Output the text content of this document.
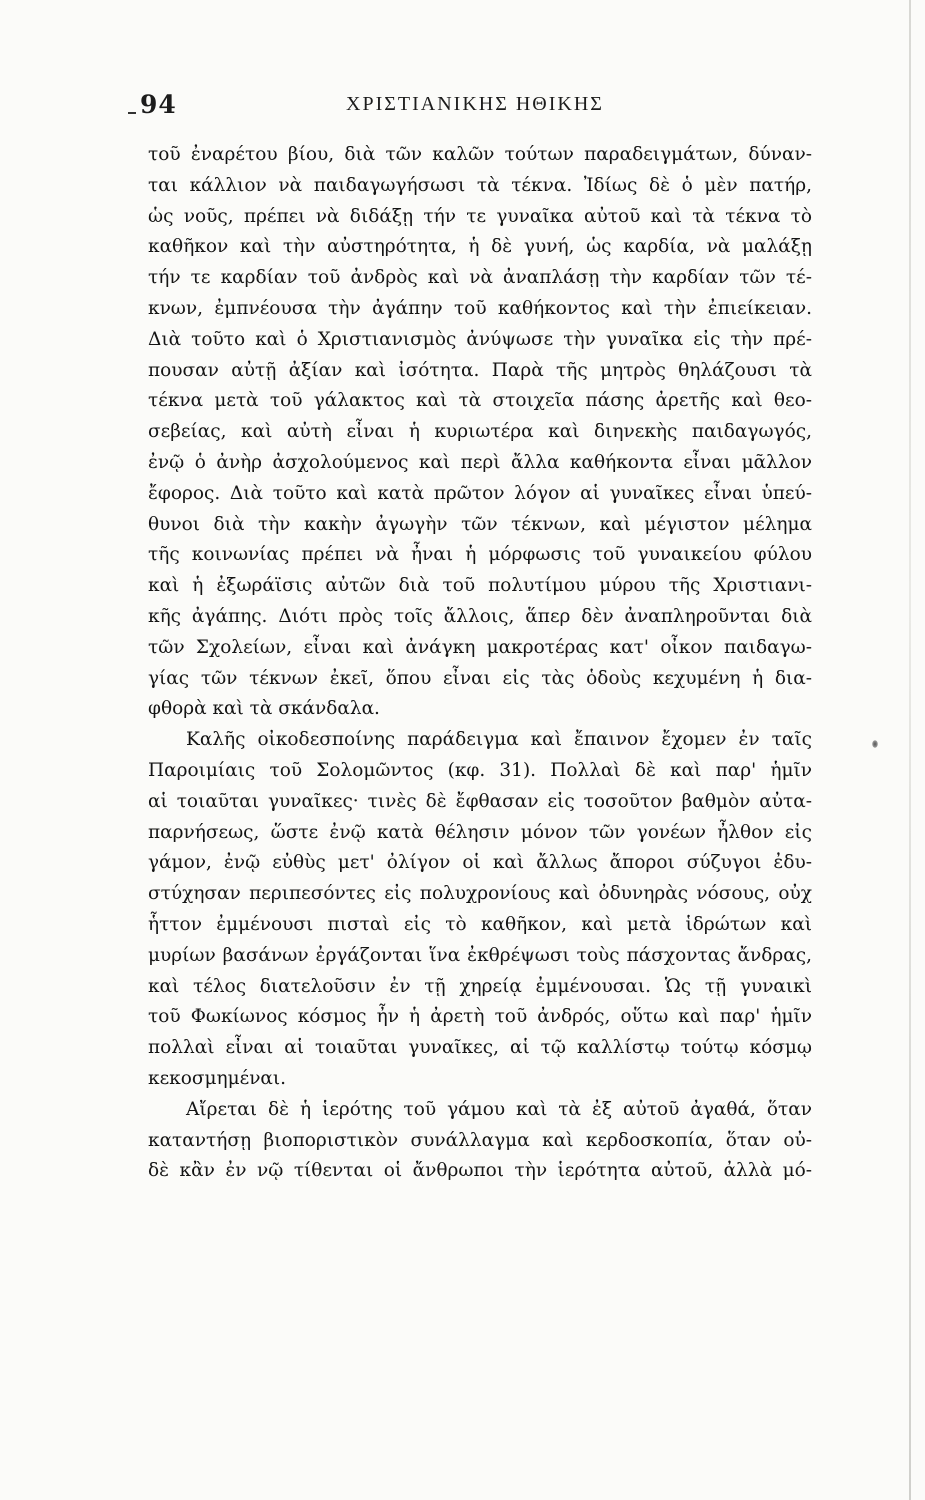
94	ΧΡΙΣΤΙΑΝΙΚΗΣ ΗΘΙΚΗΣ
τοῦ ἐναρέτου βίου, διὰ τῶν καλῶν τούτων παραδειγμάτων, δύναν-
ται κάλλιον νὰ παιδαγωγήσωσι τὰ τέκνα. Ἰδίως δὲ ὁ μὲν πατήρ,
ὡς νοῦς, πρέπει νὰ διδάξῃ τήν τε γυναῖκα αὐτοῦ καὶ τὰ τέκνα τὸ
καθῆκον καὶ τὴν αὐστηρότητα, ἡ δὲ γυνή, ὡς καρδία, νὰ μαλάξῃ
τήν τε καρδίαν τοῦ ἀνδρὸς καὶ νὰ ἀναπλάσῃ τὴν καρδίαν τῶν τέ-
κνων, ἐμπνέουσα τὴν ἀγάπην τοῦ καθήκοντος καὶ τὴν ἐπιείκειαν.
Διὰ τοῦτο καὶ ὁ Χριστιανισμὸς ἀνύψωσε τὴν γυναῖκα εἰς τὴν πρέ-
πουσαν αὐτῇ ἀξίαν καὶ ἰσότητα. Παρὰ τῆς μητρὸς θηλάζουσι τὰ
τέκνα μετὰ τοῦ γάλακτος καὶ τὰ στοιχεῖα πάσης ἀρετῆς καὶ θεο-
σεβείας, καὶ αὐτὴ εἶναι ἡ κυριωτέρα καὶ διηνεκὴς παιδαγωγός,
ἐνῷ ὁ ἀνὴρ ἀσχολούμενος καὶ περὶ ἄλλα καθήκοντα εἶναι μᾶλλον
ἔφορος. Διὰ τοῦτο καὶ κατὰ πρῶτον λόγον αἱ γυναῖκες εἶναι ὑπεύ-
θυνοι διὰ τὴν κακὴν ἀγωγὴν τῶν τέκνων, καὶ μέγιστον μέλημα
τῆς κοινωνίας πρέπει νὰ ἦναι ἡ μόρφωσις τοῦ γυναικείου φύλου
καὶ ἡ ἐξωράϊσις αὐτῶν διὰ τοῦ πολυτίμου μύρου τῆς Χριστιανι-
κῆς ἀγάπης. Διότι πρὸς τοῖς ἄλλοις, ἅπερ δὲν ἀναπληροῦνται διὰ
τῶν Σχολείων, εἶναι καὶ ἀνάγκη μακροτέρας κατ' οἶκον παιδαγω-
γίας τῶν τέκνων ἐκεῖ, ὅπου εἶναι εἰς τὰς ὁδοὺς κεχυμένη ἡ δια-
φθορὰ καὶ τὰ σκάνδαλα.
Καλῆς οἰκοδεσποίνης παράδειγμα καὶ ἔπαινον ἔχομεν ἐν ταῖς
Παροιμίαις τοῦ Σολομῶντος (κφ. 31). Πολλαὶ δὲ καὶ παρ' ἡμῖν
αἱ τοιαῦται γυναῖκες· τινὲς δὲ ἔφθασαν εἰς τοσοῦτον βαθμὸν αὐτα-
παρνήσεως, ὥστε ἐνῷ κατὰ θέλησιν μόνον τῶν γονέων ἦλθον εἰς
γάμον, ἐνῷ εὐθὺς μετ' ὀλίγον οἱ καὶ ἄλλως ἄποροι σύζυγοι ἐδυ-
στύχησαν περιπεσόντες εἰς πολυχρονίους καὶ ὀδυνηρὰς νόσους, οὐχ
ἧττον ἐμμένουσι πισταὶ εἰς τὸ καθῆκον, καὶ μετὰ ἱδρώτων καὶ
μυρίων βασάνων ἐργάζονται ἵνα ἐκθρέψωσι τοὺς πάσχοντας ἄνδρας,
καὶ τέλος διατελοῦσιν ἐν τῇ χηρείᾳ ἐμμένουσαι. Ὡς τῇ γυναικὶ
τοῦ Φωκίωνος κόσμος ἦν ἡ ἀρετὴ τοῦ ἀνδρός, οὕτω καὶ παρ' ἡμῖν
πολλαὶ εἶναι αἱ τοιαῦται γυναῖκες, αἱ τῷ καλλίστῳ τούτῳ κόσμῳ
κεκοσμημέναι.
Αἴρεται δὲ ἡ ἱερότης τοῦ γάμου καὶ τὰ ἐξ αὐτοῦ ἀγαθά, ὅταν
καταντήσῃ βιοποριστικὸν συνάλλαγμα καὶ κερδοσκοπία, ὅταν οὐ-
δὲ κἂν ἐν νῷ τίθενται οἱ ἄνθρωποι τὴν ἱερότητα αὐτοῦ, ἀλλὰ μό-
